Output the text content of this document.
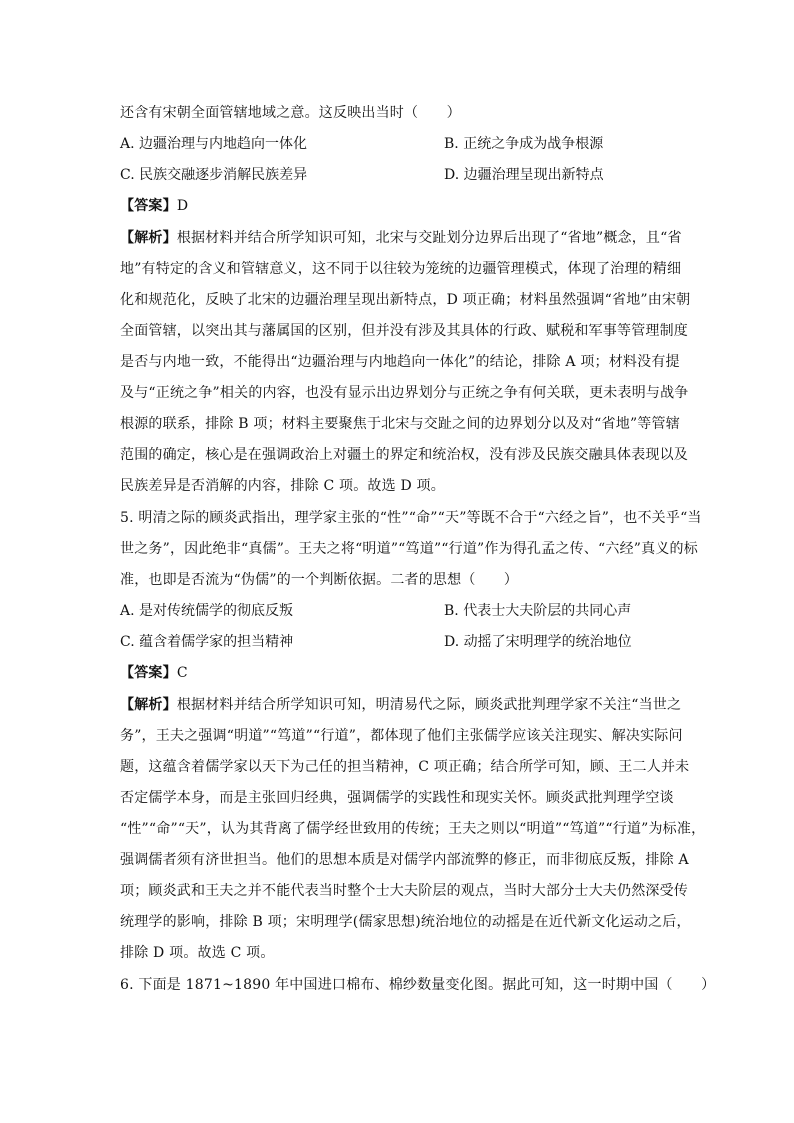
还含有宋朝全面管辖地域之意。这反映出当时（　　）
A. 边疆治理与内地趋向一体化	B. 正统之争成为战争根源
C. 民族交融逐步消解民族差异	D. 边疆治理呈现出新特点
【答案】D
【解析】根据材料并结合所学知识可知，北宋与交趾划分边界后出现了“省地”概念，且“省
地”有特定的含义和管辖意义，这不同于以往较为笼统的边疆管理模式，体现了治理的精细
化和规范化，反映了北宋的边疆治理呈现出新特点，D 项正确；材料虽然强调“省地”由宋朝
全面管辖，以突出其与藩属国的区别，但并没有涉及其具体的行政、赋税和军事等管理制度
是否与内地一致，不能得出“边疆治理与内地趋向一体化”的结论，排除 A 项；材料没有提
及与“正统之争”相关的内容，也没有显示出边界划分与正统之争有何关联，更未表明与战争
根源的联系，排除 B 项；材料主要聚焦于北宋与交趾之间的边界划分以及对“省地”等管辖
范围的确定，核心是在强调政治上对疆土的界定和统治权，没有涉及民族交融具体表现以及
民族差异是否消解的内容，排除 C 项。故选 D 项。
5. 明清之际的顾炎武指出，理学家主张的“性”“命”“天”等既不合于“六经之旨”，也不关乎“当
世之务”，因此绝非“真儒”。王夫之将“明道”“笃道”“行道”作为得孔孟之传、“六经”真义的标
准，也即是否流为“伪儒”的一个判断依据。二者的思想（　　）
A. 是对传统儒学的彻底反叛	B. 代表士大夫阶层的共同心声
C. 蕴含着儒学家的担当精神	D. 动摇了宋明理学的统治地位
【答案】C
【解析】根据材料并结合所学知识可知，明清易代之际，顾炎武批判理学家不关注“当世之
务”，王夫之强调“明道”“笃道”“行道”，都体现了他们主张儒学应该关注现实、解决实际问
题，这蕴含着儒学家以天下为己任的担当精神，C 项正确；结合所学可知，顾、王二人并未
否定儒学本身，而是主张回归经典，强调儒学的实践性和现实关怀。顾炎武批判理学空谈
“性”“命”“天”，认为其背离了儒学经世致用的传统；王夫之则以“明道”“笃道”“行道”为标准，
强调儒者须有济世担当。他们的思想本质是对儒学内部流弊的修正，而非彻底反叛，排除 A
项；顾炎武和王夫之并不能代表当时整个士大夫阶层的观点，当时大部分士大夫仍然深受传
统理学的影响，排除 B 项；宋明理学(儒家思想)统治地位的动摇是在近代新文化运动之后，
排除 D 项。故选 C 项。
6. 下面是 1871~1890 年中国进口棉布、棉纱数量变化图。据此可知，这一时期中国（　　）
